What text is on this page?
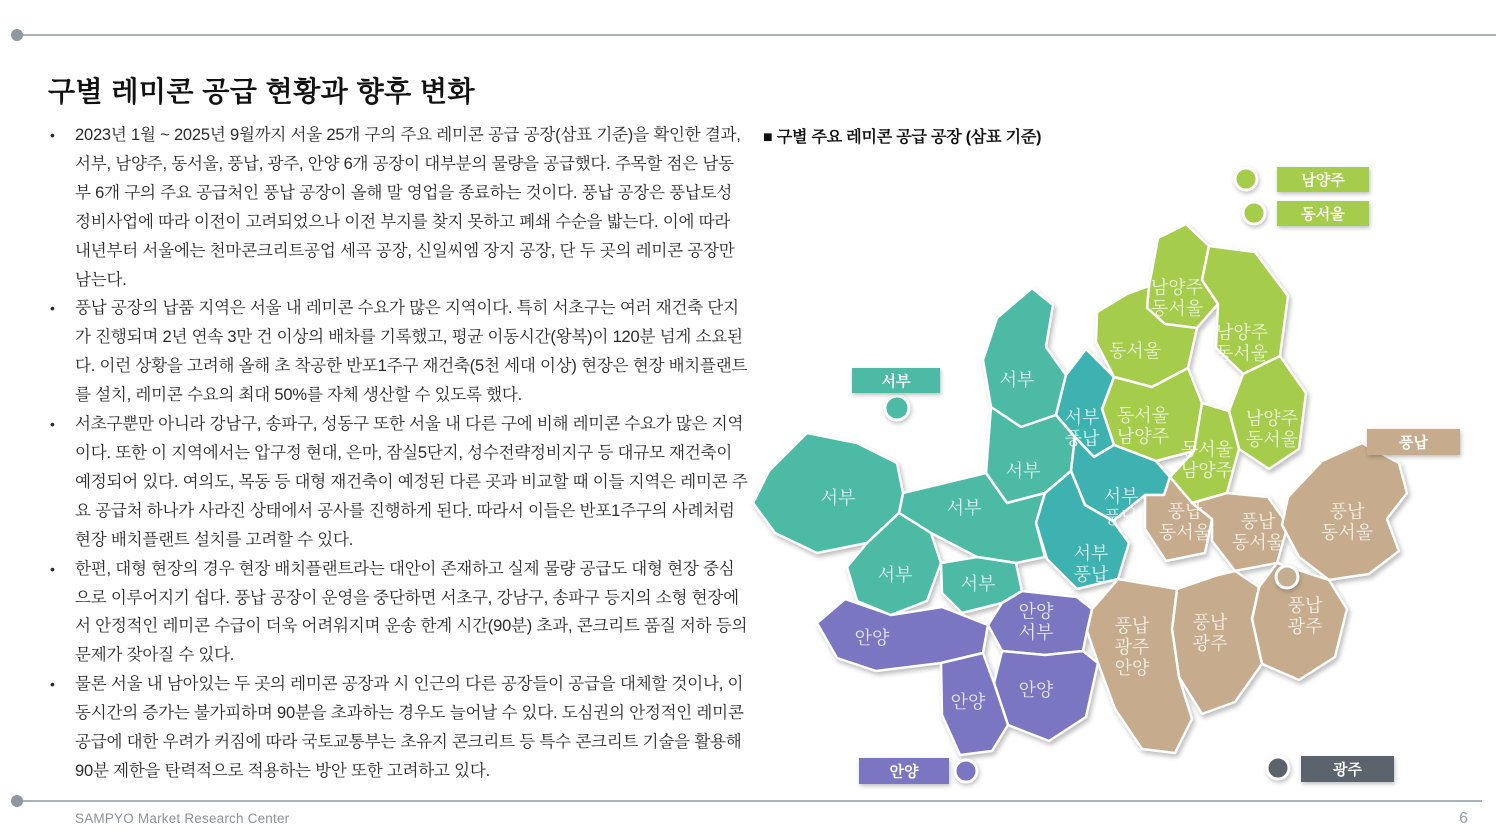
구별 레미콘 공급 현황과 향후 변화
• 2023년 1월 ~ 2025년 9월까지 서울 25개 구의 주요 레미콘 공급 공장(삼표 기준)을 확인한 결과, 서부, 남양주, 동서울, 풍납, 광주, 안양 6개 공장이 대부분의 물량을 공급했다. 주목할 점은 남동부 6개 구의 주요 공급처인 풍납 공장이 올해 말 영업을 종료하는 것이다. 풍납 공장은 풍납토성 정비사업에 따라 이전이 고려되었으나 이전 부지를 찾지 못하고 폐쇄 수순을 밟는다. 이에 따라 내년부터 서울에는 천마콘크리트공업 세곡 공장, 신일씨엠 장지 공장, 단 두 곳의 레미콘 공장만 남는다.
• 풍납 공장의 납품 지역은 서울 내 레미콘 수요가 많은 지역이다. 특히 서초구는 여러 재건축 단지가 진행되며 2년 연속 3만 건 이상의 배차를 기록했고, 평균 이동시간(왕복)이 120분 넘게 소요된다. 이런 상황을 고려해 올해 초 착공한 반포1주구 재건축(5천 세대 이상) 현장은 현장 배치플랜트를 설치, 레미콘 수요의 최대 50%를 자체 생산할 수 있도록 했다.
• 서초구뿐만 아니라 강남구, 송파구, 성동구 또한 서울 내 다른 구에 비해 레미콘 수요가 많은 지역이다. 또한 이 지역에서는 압구정 현대, 은마, 잠실5단지, 성수전략정비지구 등 대규모 재건축이 예정되어 있다. 여의도, 목동 등 대형 재건축이 예정된 다른 곳과 비교할 때 이들 지역은 레미콘 주요 공급처 하나가 사라진 상태에서 공사를 진행하게 된다. 따라서 이들은 반포1주구의 사례처럼 현장 배치플랜트 설치를 고려할 수 있다.
• 한편, 대형 현장의 경우 현장 배치플랜트라는 대안이 존재하고 실제 물량 공급도 대형 현장 중심으로 이루어지기 쉽다. 풍납 공장이 운영을 중단하면 서초구, 강남구, 송파구 등지의 소형 현장에서 안정적인 레미콘 수급이 더욱 어려워지며 운송 한계 시간(90분) 초과, 콘크리트 품질 저하 등의 문제가 잦아질 수 있다.
• 물론 서울 내 남아있는 두 곳의 레미콘 공장과 시 인근의 다른 공장들이 공급을 대체할 것이나, 이동시간의 증가는 불가피하며 90분을 초과하는 경우도 늘어날 수 있다. 도심권의 안정적인 레미콘 공급에 대한 우려가 커짐에 따라 국토교통부는 초유지 콘크리트 등 특수 콘크리트 기술을 활용해 90분 제한을 탄력적으로 적용하는 방안 또한 고려하고 있다.
■ 구별 주요 레미콘 공급 공장 (삼표 기준)
남양주 동서울
남양주 동서울
동서울
동서울 남양주
남양주 동서울
동서울 남양주
서부
서부
서부
서부
서부	서부
서부 풍납
서부 풍납
서부 풍납
풍납 동서울
풍납 동서울
풍납 동서울
풍납 광주
풍납 광주
풍납 광주 안양
안양
안양 서부
안양
안양
남양주
동서울
서부
풍납
안양	광주
SAMPYO Market Research Center	6
